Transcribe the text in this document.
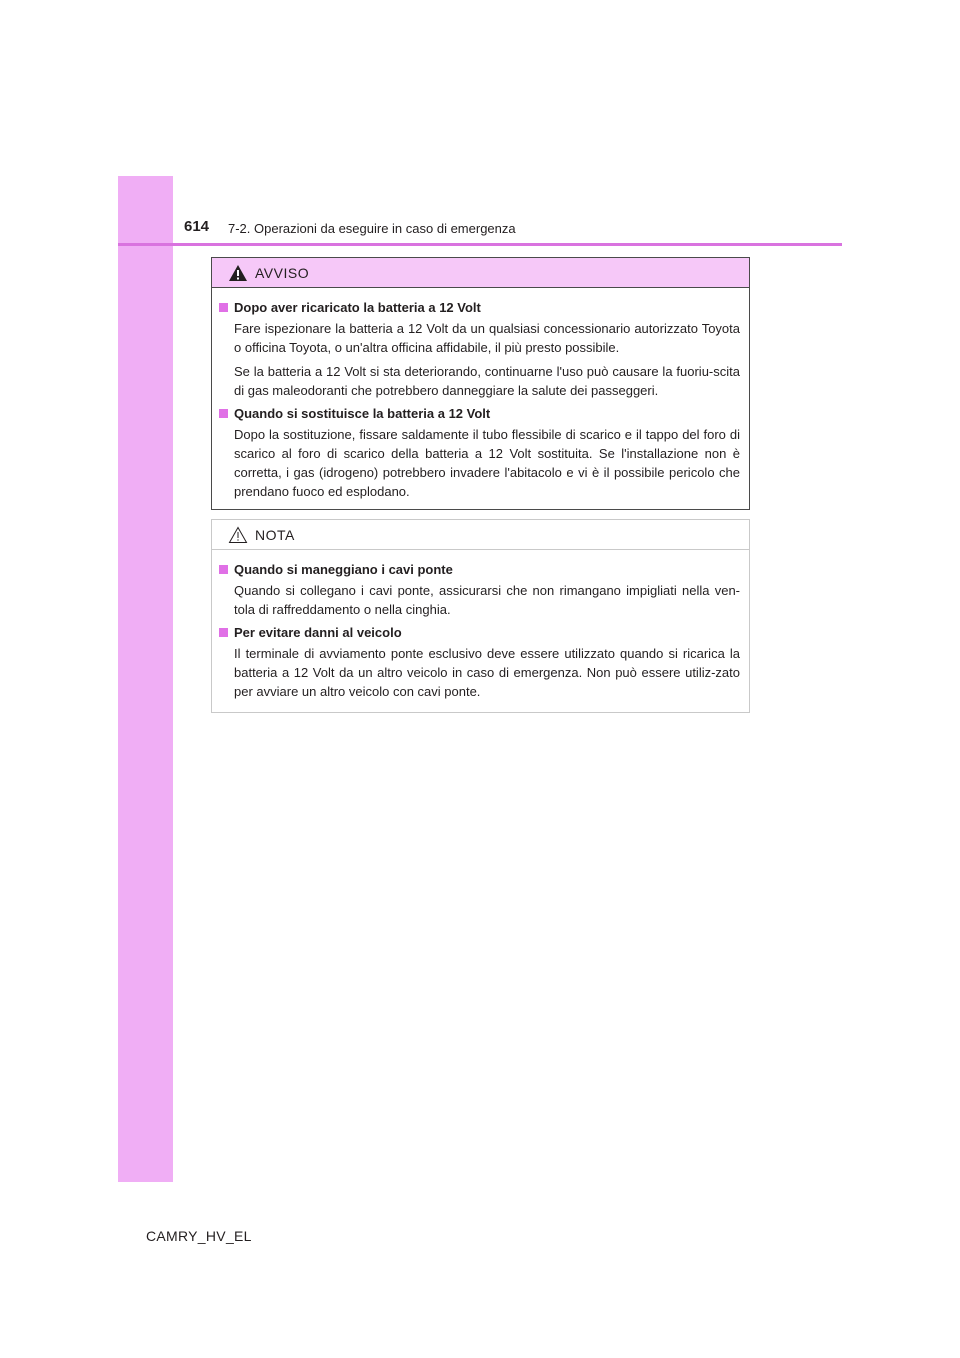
614 7-2. Operazioni da eseguire in caso di emergenza
AVVISO
Dopo aver ricaricato la batteria a 12 Volt

Fare ispezionare la batteria a 12 Volt da un qualsiasi concessionario autorizzato Toyota o officina Toyota, o un'altra officina affidabile, il più presto possibile.

Se la batteria a 12 Volt si sta deteriorando, continuarne l'uso può causare la fuoriu-scita di gas maleodoranti che potrebbero danneggiare la salute dei passeggeri.

Quando si sostituisce la batteria a 12 Volt

Dopo la sostituzione, fissare saldamente il tubo flessibile di scarico e il tappo del foro di scarico al foro di scarico della batteria a 12 Volt sostituita. Se l'installazione non è corretta, i gas (idrogeno) potrebbero invadere l'abitacolo e vi è il possibile pericolo che prendano fuoco ed esplodano.

NOTA
Quando si maneggiano i cavi ponte

Quando si collegano i cavi ponte, assicurarsi che non rimangano impigliati nella ven-tola di raffreddamento o nella cinghia.

Per evitare danni al veicolo

Il terminale di avviamento ponte esclusivo deve essere utilizzato quando si ricarica la batteria a 12 Volt da un altro veicolo in caso di emergenza. Non può essere utiliz-zato per avviare un altro veicolo con cavi ponte.

CAMRY_HV_EL
